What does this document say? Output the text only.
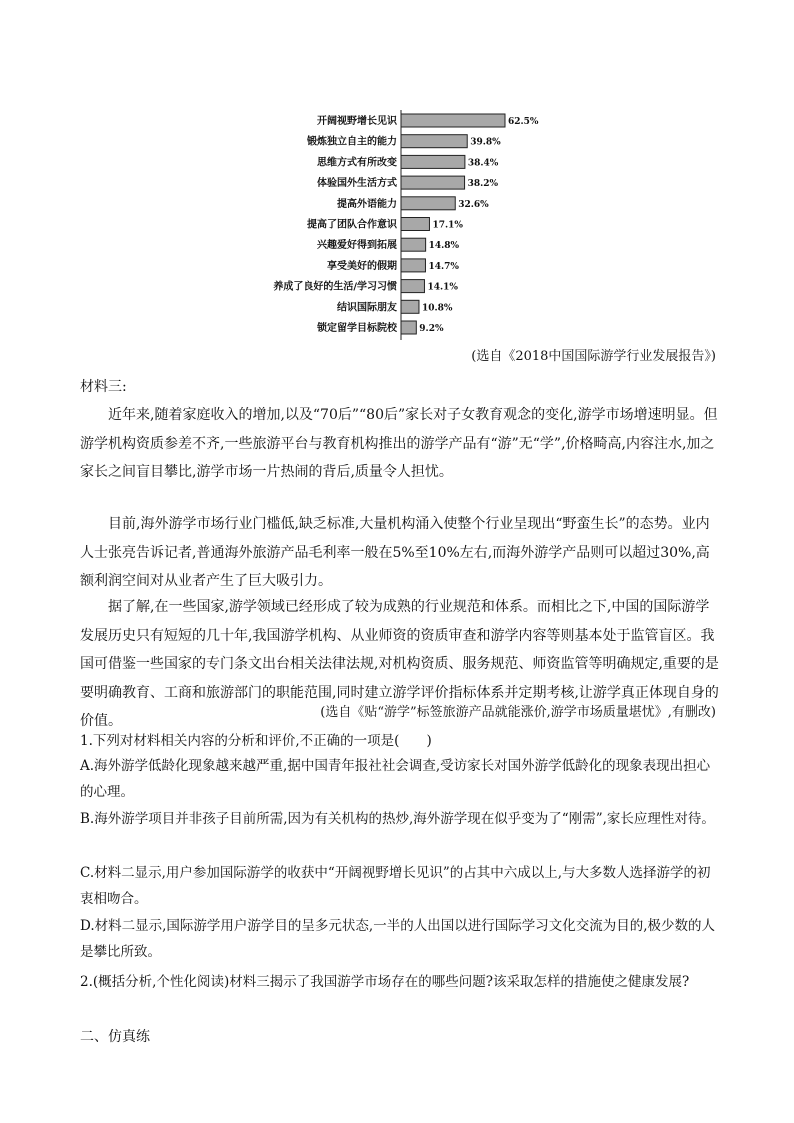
开阔视野增长见识	62.5%
锻炼独立自主的能力	39.8%
思维方式有所改变	38.4%
体验国外生活方式	38.2%
提高外语能力	32.6%
提高了团队合作意识	17.1%
兴趣爱好得到拓展	14.8%
享受美好的假期	14.7%
养成了良好的生活/学习习惯	14.1%
结识国际朋友	10.8%
锁定留学目标院校 9.2%

(选自《2018中国国际游学行业发展报告》)

材料三:

近年来,随着家庭收入的增加,以及“70后”“80后”家长对子女教育观念的变化,游学市场增速明显。但游学机构资质参差不齐,一些旅游平台与教育机构推出的游学产品有“游”无“学”,价格畸高,内容注水,加之家长之间盲目攀比,游学市场一片热闹的背后,质量令人担忧。

目前,海外游学市场行业门槛低,缺乏标准,大量机构涌入使整个行业呈现出“野蛮生长”的态势。业内人士张亮告诉记者,普通海外旅游产品毛利率一般在5%至10%左右,而海外游学产品则可以超过30%,高额利润空间对从业者产生了巨大吸引力。

据了解,在一些国家,游学领域已经形成了较为成熟的行业规范和体系。而相比之下,中国的国际游学发展历史只有短短的几十年,我国游学机构、从业师资的资质审查和游学内容等则基本处于监管盲区。我国可借鉴一些国家的专门条文出台相关法律法规,对机构资质、服务规范、师资监管等明确规定,重要的是要明确教育、工商和旅游部门的职能范围,同时建立游学评价指标体系并定期考核,让游学真正体现自身的价值。

(选自《贴“游学”标签旅游产品就能涨价,游学市场质量堪忧》,有删改)

1.下列对材料相关内容的分析和评价,不正确的一项是(　　)

A.海外游学低龄化现象越来越严重,据中国青年报社社会调查,受访家长对国外游学低龄化的现象表现出担心的心理。

B.海外游学项目并非孩子目前所需,因为有关机构的热炒,海外游学现在似乎变为了“刚需”,家长应理性对待。

C.材料二显示,用户参加国际游学的收获中“开阔视野增长见识”的占其中六成以上,与大多数人选择游学的初衷相吻合。

D.材料二显示,国际游学用户游学目的呈多元状态,一半的人出国以进行国际学习文化交流为目的,极少数的人是攀比所致。

2.(概括分析,个性化阅读)材料三揭示了我国游学市场存在的哪些问题?该采取怎样的措施使之健康发展?

二、仿真练
